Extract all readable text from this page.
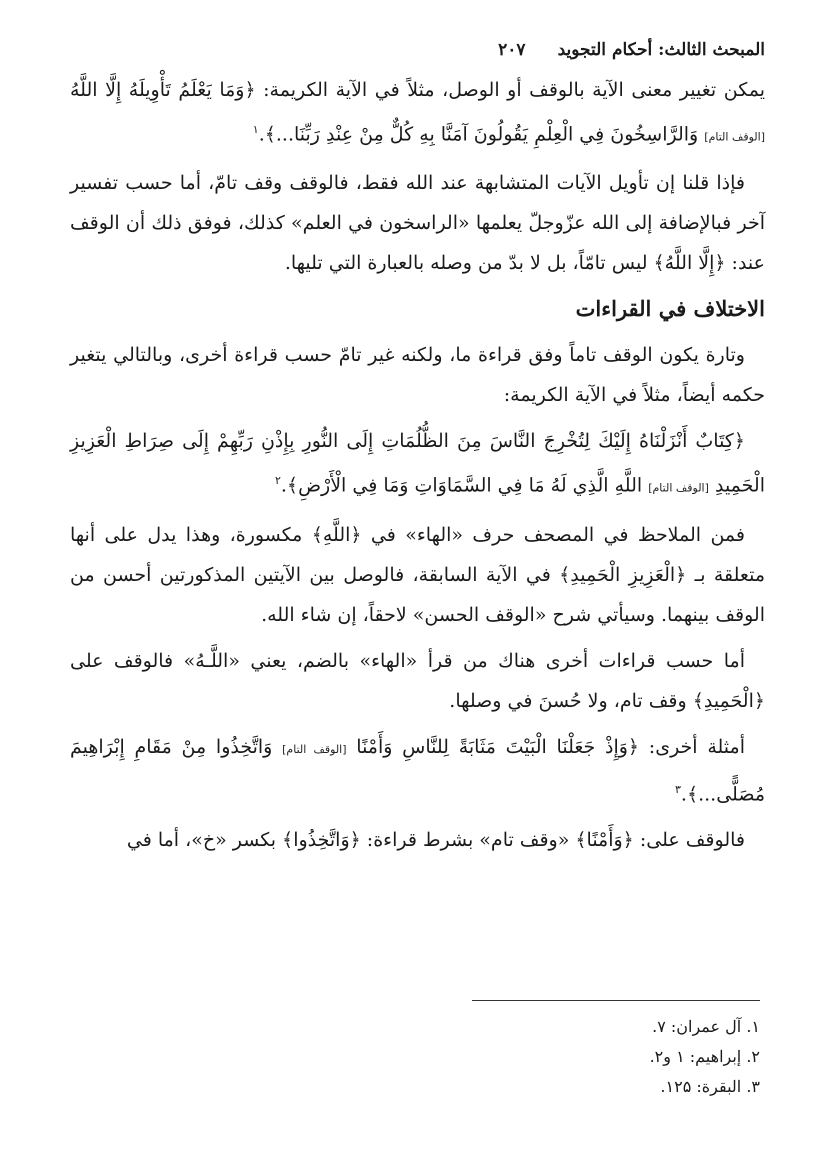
المبحث الثالث: أحكام التجويد
۲۰۷

يمكن تغيير معنى الآية بالوقف أو الوصل، مثلاً في الآية الكريمة: ﴿وَمَا يَعْلَمُ تَأْوِيلَهُ إِلَّا اللَّهُ [الوقف التام] وَالرَّاسِخُونَ فِي الْعِلْمِ يَقُولُونَ آمَنَّا بِهِ كُلٌّ مِنْ عِنْدِ رَبِّنَا...﴾.$^۱$

فإذا قلنا إن تأويل الآيات المتشابهة عند الله فقط، فالوقف وقف تامّ، أما حسب تفسير آخر فبالإضافة إلى الله عزّوجلّ يعلمها «الراسخون في العلم» كذلك، فوفق ذلك أن الوقف عند: ﴿إِلَّا اللَّهُ﴾ ليس تامّاً، بل لا بدّ من وصله بالعبارة التي تليها.

الاختلاف في القراءات

وتارة يكون الوقف تاماً وفق قراءة ما، ولكنه غير تامّ حسب قراءة أخرى، وبالتالي يتغير حكمه أيضاً، مثلاً في الآية الكريمة:

﴿كِتَابٌ أَنْزَلْنَاهُ إِلَيْكَ لِتُخْرِجَ النَّاسَ مِنَ الظُّلُمَاتِ إِلَى النُّورِ بِإِذْنِ رَبِّهِمْ إِلَى صِرَاطِ الْعَزِيزِ الْحَمِيدِ [الوقف التام] اللَّهِ الَّذِي لَهُ مَا فِي السَّمَاوَاتِ وَمَا فِي الْأَرْضِ﴾.$^۲$

فمن الملاحظ في المصحف حرف «الهاء» في ﴿اللَّهِ﴾ مكسورة، وهذا يدل على أنها متعلقة بـ ﴿الْعَزِيزِ الْحَمِيدِ﴾ في الآية السابقة، فالوصل بين الآيتين المذكورتين أحسن من الوقف بينهما. وسيأتي شرح «الوقف الحسن» لاحقاً، إن شاء الله.

أما حسب قراءات أخرى هناك من قرأ «الهاء» بالضم، يعني «اللَّـهُ» فالوقف على ﴿الْحَمِيدِ﴾ وقف تام، ولا حُسنَ في وصلها.

أمثلة أخرى: ﴿وَإِذْ جَعَلْنَا الْبَيْتَ مَثَابَةً لِلنَّاسِ وَأَمْنًا [الوقف التام] وَاتَّخِذُوا مِنْ مَقَامِ إِبْرَاهِيمَ مُصَلًّى...﴾.$^۳$

فالوقف على: ﴿وَأَمْنًا﴾ «وقف تام» بشرط قراءة: ﴿وَاتَّخِذُوا﴾ بكسر «خ»، أما في

۱. آل عمران: ۷.
۲. إبراهيم: ۱ و۲.
۳. البقرة: ۱۲۵.
